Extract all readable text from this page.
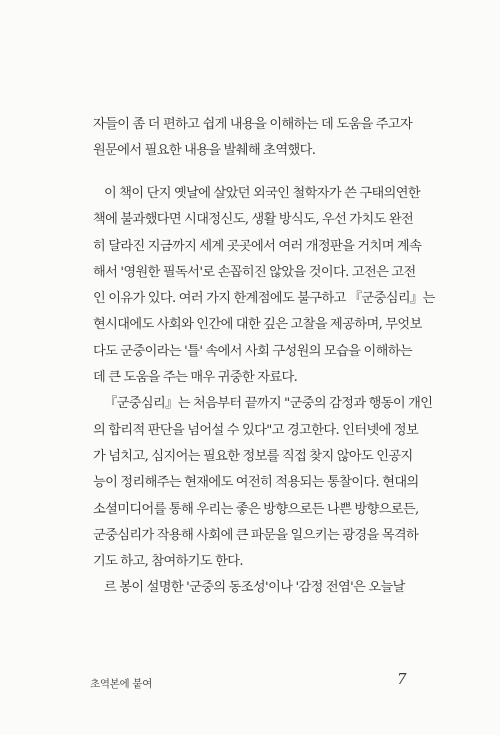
자들이 좀 더 편하고 쉽게 내용을 이해하는 데 도움을 주고자
원문에서 필요한 내용을 발췌해 초역했다.
이 책이 단지 옛날에 살았던 외국인 철학자가 쓴 구태의연한
책에 불과했다면 시대정신도, 생활 방식도, 우선 가치도 완전
히 달라진 지금까지 세계 곳곳에서 여러 개정판을 거치며 계속
해서 '영원한 필독서'로 손꼽히진 않았을 것이다. 고전은 고전
인 이유가 있다. 여러 가지 한계점에도 불구하고 『군중심리』는
현시대에도 사회와 인간에 대한 깊은 고찰을 제공하며, 무엇보
다도 군중이라는 '틀' 속에서 사회 구성원의 모습을 이해하는
데 큰 도움을 주는 매우 귀중한 자료다.
『군중심리』는 처음부터 끝까지 "군중의 감정과 행동이 개인
의 합리적 판단을 넘어설 수 있다"고 경고한다. 인터넷에 정보
가 넘치고, 심지어는 필요한 정보를 직접 찾지 않아도 인공지
능이 정리해주는 현재에도 여전히 적용되는 통찰이다. 현대의
소셜미디어를 통해 우리는 좋은 방향으로든 나쁜 방향으로든,
군중심리가 작용해 사회에 큰 파문을 일으키는 광경을 목격하
기도 하고, 참여하기도 한다.
르 봉이 설명한 '군중의 동조성'이나 '감정 전염'은 오늘날
초역본에 붙여	7
